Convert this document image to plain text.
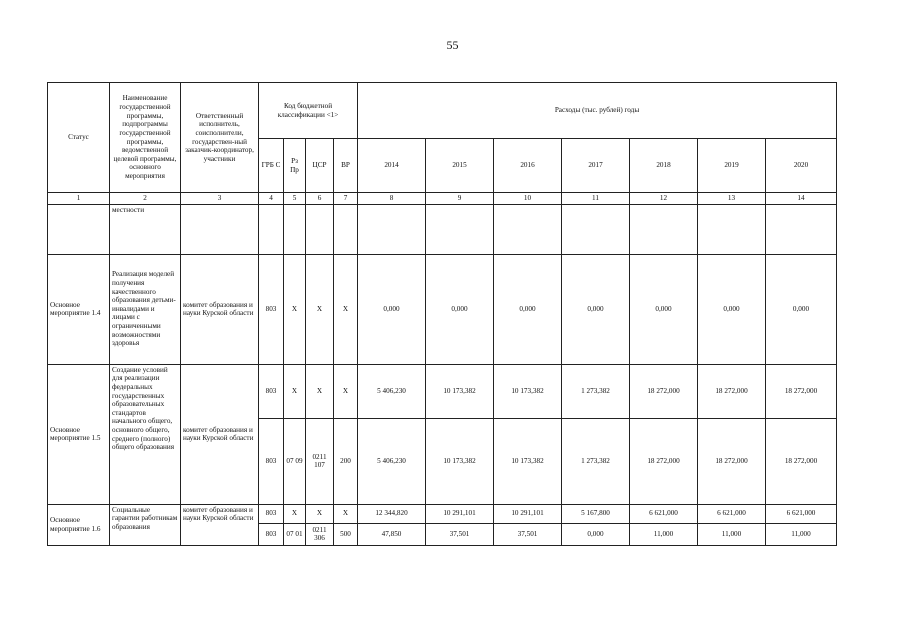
55
Статус	Наименование государственной программы, подпрограммы государственной программы, ведомственной целевой программы, основного мероприятия	Ответственный исполнитель, соисполнители, государствен-ный заказчик-координатор, участники	Код бюджетной классификации <1>				Расходы (тыс. рублей) годы						
			ГРБ С	Рз Пр	ЦСР	ВР	2014	2015	2016	2017	2018	2019	2020
1	2	3	4	5	6	7	8	9	10	11	12	13	14
	местности												
Основное мероприятие 1.4	Реализация моделей получения качественного образования детьми-инвалидами и лицами с ограниченными возможностями здоровья	комитет образования и науки Курской области	803	Х	Х	Х	0,000	0,000	0,000	0,000	0,000	0,000	0,000
Основное мероприятие 1.5	Создание условий для реализации федеральных государственных образовательных стандартов начального общего, основного общего, среднего (полного) общего образования	комитет образования и науки Курской области	803	Х	Х	Х	5 406,230	10 173,382	10 173,382	1 273,382	18 272,000	18 272,000	18 272,000
			803	07 09	0211 107	200	5 406,230	10 173,382	10 173,382	1 273,382	18 272,000	18 272,000	18 272,000
Основное мероприятие 1.6	Социальные гарантии работникам образования	комитет образования и науки Курской области	803	Х	Х	Х	12 344,820	10 291,101	10 291,101	5 167,800	6 621,000	6 621,000	6 621,000
			803	07 01	0211 306	500	47,850	37,501	37,501	0,000	11,000	11,000	11,000
